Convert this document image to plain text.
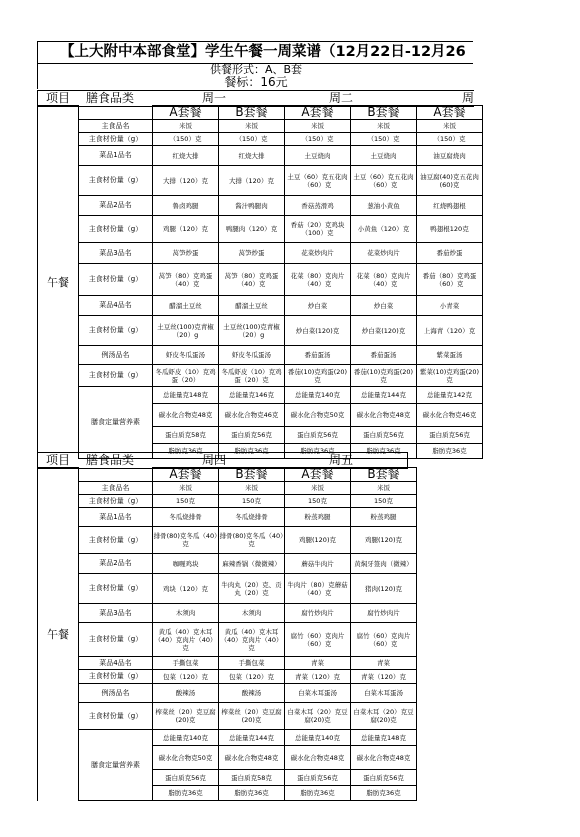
【上大附中本部食堂】学生午餐一周菜谱（12月22日-12月26
供餐形式：A、B套
餐标：16元
项目 膳食品类	周一	周二	周
午餐		A套餐	B套餐	A套餐	B套餐	A套餐
	主食品名	米饭	米饭	米饭	米饭	米饭
	主食材份量（g）	（150）克	（150）克	（150）克	（150）克	（150）克
	菜品1品名	红烧大排	红烧大排	土豆烧肉	土豆烧肉	油豆腐烧肉
	主食材份量（g）	大排（120）克	大排（120）克	土豆（60）克五花肉（60）克	土豆（60）克五花肉（60）克	油豆腐(40)克五花肉(60)克
	菜品2品名	鲁卤鸡腿	酱汁鸭腿肉	香菇蒸滑鸡	葱油小黄鱼	红烧鸭翅根
	主食材份量（g）	鸡腿（120）克	鸭腿肉（120）克	香菇（20）克鸡块（100）克	小黄鱼（120）克	鸭翅根120克
	菜品3品名	莴笋炒蛋	莴笋炒蛋	花菜炒肉片	花菜炒肉片	番茄炒蛋
	主食材份量（g）	莴笋（80）克鸡蛋（40）克	莴笋（80）克鸡蛋（40）克	花菜（80）克肉片（40）克	花菜（80）克肉片（40）克	番茄（80）克鸡蛋（60）克
	菜品4品名	醋溜土豆丝	醋溜土豆丝	炒白菜	炒白菜	小青菜
	主食材份量（g）	土豆丝(100)克青椒（20）g	土豆丝(100)克青椒（20）g	炒白菜(120)克	炒白菜(120)克	上海青（120）克
	例汤品名	虾皮冬瓜蛋汤	虾皮冬瓜蛋汤	番茄蛋汤	番茄蛋汤	紫菜蛋汤
	主食材份量（g）	冬瓜虾皮（10）克鸡蛋（20）	冬瓜虾皮（10）克鸡蛋（20）克	番茄(10)克鸡蛋(20)克	番茄(10)克鸡蛋(20)克	紫菜(10)克鸡蛋(20)克
	膳食定量营养素	总能量克148克	总能量克146克	总能量克140克	总能量克144克	总能量克142克
		碳水化合物克48克	碳水化合物克46克	碳水化合物克50克	碳水化合物克48克	碳水化合物克46克
		蛋白质克58克	蛋白质克56克	蛋白质克56克	蛋白质克56克	蛋白质克56克
		脂肪克36克	脂肪克36克	脂肪克36克	脂肪克36克	脂肪克36克
项目 膳食品类	周四	周五
午餐		A套餐	B套餐	A套餐	B套餐
	主食品名	米饭	米饭	米饭	米饭
	主食材份量（g）	150克	150克	150克	150克
	菜品1品名	冬瓜烧排骨	冬瓜烧排骨	粉蒸鸡腿	粉蒸鸡腿
	主食材份量（g）	排骨(80)克冬瓜（40）克	排骨(80)克冬瓜（40）克	鸡腿(120)克	鸡腿(120)克
	菜品2品名	咖喱鸡块	麻辣香锅（微微辣）	蘑菇牛肉片	黄焖牙签肉（微辣）
	主食材份量（g）	鸡块（120）克	牛肉丸（20）克、贡丸（20）克	牛肉片（80）克蘑菇（40）克	猪肉(120)克
	菜品3品名	木须肉	木须肉	腐竹炒肉片	腐竹炒肉片
	主食材份量（g）	黄瓜（40）克木耳（40）克肉片（40）克	黄瓜（40）克木耳（40）克肉片（40）克	腐竹（60）克肉片（60）克	腐竹（60）克肉片（60）克
	菜品4品名	手撕包菜	手撕包菜	青菜	青菜
	主食材份量（g）	包菜（120）克	包菜（120）克	青菜（120）克	青菜（120）克
	例汤品名	酸辣汤	酸辣汤	白菜木耳蛋汤	白菜木耳蛋汤
	主食材份量（g）	榨菜丝（20）克豆腐(20)克	榨菜丝（20）克豆腐(20)克	白菜木耳（20）克豆腐(20)克	白菜木耳（20）克豆腐(20)克
	膳食定量营养素	总能量克140克	总能量克144克	总能量克140克	总能量克148克
		碳水化合物克50克	碳水化合物克48克	碳水化合物克48克	碳水化合物克48克
		蛋白质克56克	蛋白质克58克	蛋白质克56克	蛋白质克56克
		脂肪克36克	脂肪克36克	脂肪克36克	脂肪克36克
